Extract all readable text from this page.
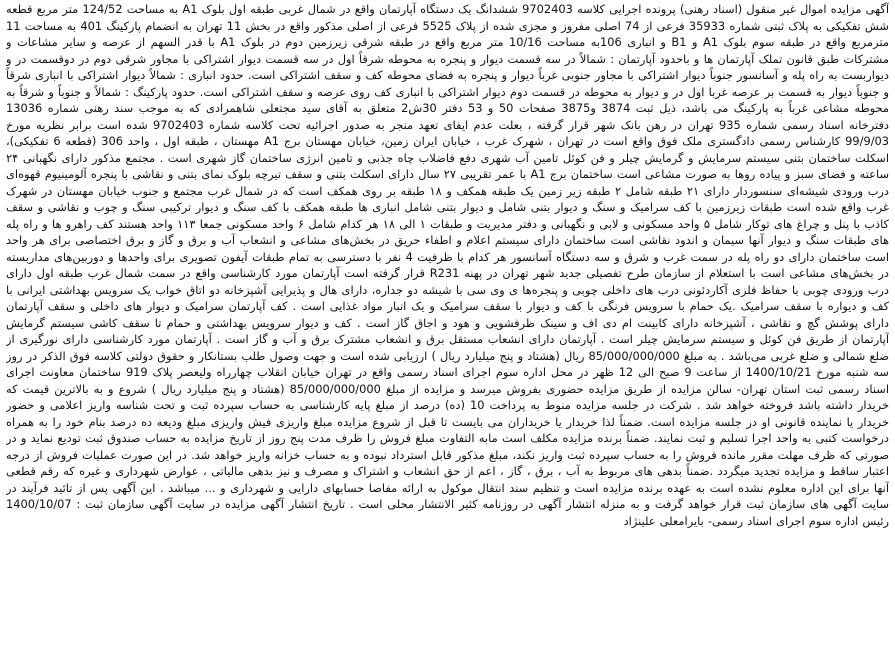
آگهی مزایده اموال غیر منقول (اسناد رهنی) پرونده اجرایی کلاسه 9702403 ششدانگ یک دستگاه آپارتمان واقع در شمال غربی طبقه اول بلوک A1 به مساحت 124/52 متر مربع قطعه شش تفکیکی به پلاک ثبتی شماره 35933 فرعی از 74 اصلی مفروز و مجزی شده از پلاک 5525 فرعی از اصلی مذکور واقع در بخش 11 تهران به انضمام پارکینگ 401 به مساحت 11 مترمربع واقع در طبقه سوم بلوک A1 و B1 و انباری 106به مساحت 10/16 متر مربع واقع در طبقه شرقی زیرزمین دوم در بلوک A1 با قدر السهم از عرصه و سایر مشاعات و مشترکات طبق قانون تملک آپارتمان ها و باحدود آپارتمان : شمالاً در سه قسمت دیوار و پنجره به محوطه شرقاً اول در سه قسمت دیوار اشتراکی با مجاور شرقی دوم در دوقسمت در و دیواربست به راه پله و آسانسور جنوباً دیوار اشتراکی با مجاور جنوبی غرباً دیوار و پنجره به فضای محوطه کف و سقف اشتراکی است. حدود انباری : شمالاً دیوار اشتراکی با انباری شرقاً و جنوباً دیوار به قسمت بر عرصه غربا اول در و دیوار به محوطه در قسمت دوم دیوار اشتراکی با انباری کف روی عرصه و سقف اشتراکی است. حدود پارکینگ : شمالاً و جنوباً و شرقاً به محوطه مشاعی غرباً به پارکینگ می باشد، ذیل ثبت 3874 و3875 صفحات 50 و 53 دفتر 30ش2 متعلق به آقای سید مجتعلی شاهمرادی که به موجب سند رهنی شماره 13036 دفترخانه اسناد رسمی شماره 935 تهران در رهن بانک شهر قرار گرفته ، بعلت عدم ایفای تعهد منجر به صدور اجرائیه تحت کلاسه شماره 9702403 شده است برابر نظریه مورخ 99/9/03 کارشناس رسمی دادگستری ملک فوق واقع است در تهران ، شهرک غرب ، خیابان ایران زمین، خیابان مهستان برج A1 مهستان ، طبقه اول ، واحد 306 (قطعه 6 تفکیکی)، اسکلت ساختمان بتنی سیستم سرمایش و گرمایش چیلر و فن کوئل تامین آب شهری دفع فاضلاب چاه جذبی و تامین انرژی ساختمان گاز شهری است . مجتمع مذکور دارای نگهبانی ۲۴ ساعته و فضای سبز و پیاده روها به صورت مشاعی است ساختمان برج A1 با عمر تقریبی ۲۷ سال دارای اسکلت بتنی و سقف تیرچه بلوک نمای بتنی و نقاشی با پنجره آلومینیوم قهوه‌ای درب ورودی شیشه‌ای سنسوردار دارای ۲۱ طبقه شامل ۲ طبقه زیر زمین یک طبقه همکف و ۱۸ طبقه بر روی همکف است که در شمال غرب مجتمع و جنوب خیابان مهستان در شهرک غرب واقع شده است طبقات زیرزمین با کف سرامیک و سنگ و دیوار بتنی شامل و دیوار بتنی شامل انباری ها طبقه همکف با کف سنگ و دیوار ترکیبی سنگ و چوب و نقاشی و سقف کاذب با پنل و چراغ های توکار شامل ۵ واحد مسکونی و لابی و نگهبانی و دفتر مدیریت و طبقات ۱ الی ۱۸ هر کدام شامل ۶ واحد مسکونی جمعا ۱۱۳ واحد هستند کف راهرو ها و راه پله های طبقات سنگ و دیوار آنها سیمان و اندود نقاشی است ساختمان دارای سیستم اعلام و اطفاء حریق در بخش‌های مشاعی و انشعاب آب و برق و گاز و برق اختصاصی برای هر واحد است ساختمان دارای دو راه پله در سمت غرب و شرق و سه دستگاه آسانسور هر کدام با ظرفیت 4 نفر با دسترسی به تمام طبقات آیفون تصویری برای واحدها و دوربین‌های مداربسته در بخش‌های مشاعی است با استعلام از سازمان طرح تفصیلی جدید شهر تهران در پهنه R231 قرار گرفته است آپارتمان مورد کارشناسی واقع در سمت شمال غرب طبقه اول دارای درب ورودی چوبی با حفاظ فلزی آکاردئونی درب های داخلی چوبی و پنجره‌ها ی وی سی با شیشه دو جداره، دارای هال و پذیرایی آشپزخانه دو اتاق خواب یک سرویس بهداشتی ایرانی با کف و دیواره با سقف سرامیک .یک حمام با سرویس فرنگی با کف و دیوار با سقف سرامیک و یک انبار مواد غذایی است . کف آپارتمان سرامیک و دیوار های داخلی و سقف آپارتمان دارای پوشش گچ و نقاشی ، آشپزخانه دارای کابینت ام دی اف و سینک ظرفشویی و هود و اجاق گاز است . کف و دیوار سرویس بهداشتی و حمام تا سقف کاشی سیستم گرمایش آپارتمان از طریق فن کوئل و سیستم سرمایش چیلر است . آپارتمان دارای انشعاب مستقل برق و انشعاب مشترک برق و آب و گاز است . آپارتمان مورد کارشناسی دارای نورگیری از ضلع شمالی و ضلع غربی می‌باشد . به مبلغ 85/000/000/000 ریال (هشتاد و پنج میلیارد ریال ) ارزیابی شده است و جهت وصول طلب بستانکار و حقوق دولتی کلاسه فوق الذکر در روز سه شنبه مورخ 1400/10/21 از ساعت 9 صبح الی 12 ظهر در محل اداره سوم اجرای اسناد رسمی واقع در تهران خیابان انقلاب چهارراه ولیعصر پلاک 919 ساختمان معاونت اجرای اسناد رسمی ثبت استان تهران- سالن مزایده از طریق مزایده حضوری بفروش میرسد و مزایده از مبلغ 85/000/000/000 (هشتاد و پنج میلیارد ریال ) شروع و به بالاترین قیمت که خریدار داشته باشد فروخته خواهد شد . شرکت در جلسه مزایده منوط به پرداخت 10 (ده) درصد از مبلغ پایه کارشناسی به حساب سپرده ثبت و تحت شناسه واریز اعلامی و حضور خریدار یا نماینده قانونی او در جلسه مزایده است. ضمناً لذا خریدار یا خریداران می بایست تا قبل از شروع مزایده مبلغ واریزی فیش واریزی مبلغ ودیعه ده درصد بنام خود را به همراه درخواست کتبی به واحد اجرا تسلیم و ثبت نمایند. ضمناً برنده مزایده مکلف است مابه التفاوت مبلغ فروش را ظرف مدت پنج روز از تاریخ مزایده به حساب صندوق ثبت تودیع نماید و در صورتی که ظرف مهلت مقرر مانده فروش را به حساب سپرده ثبت واریز نکند، مبلغ مذکور قابل استرداد نبوده و به حساب خزانه واریز خواهد شد. در این صورت عملیات فروش از درجه اعتبار ساقط و مزایده تجدید میگردد .ضمناً بدهی های مربوط به آب ، برق ، گاز ، اعم از حق انشعاب و اشتراک و مصرف و نیز بدهی مالیاتی ، عوارض شهرداری و غیره که رقم قطعی آنها برای این اداره معلوم نشده است به عهده برنده مزایده است و تنظیم سند انتقال موکول به ارائه مفاصا حسابهای دارایی و شهرداری و ... میباشد . این آگهی پس از تائید فرآیند در سایت آگهی های سازمان ثبت قرار خواهد گرفت و به منزله انتشار آگهی در روزنامه کثیر الانتشار محلی است . تاریخ انتشار آگهی مزایده در سایت آگهی سازمان ثبت : 1400/10/07 رئیس اداره سوم اجرای اسناد رسمی- بایرامعلی علینژاد
